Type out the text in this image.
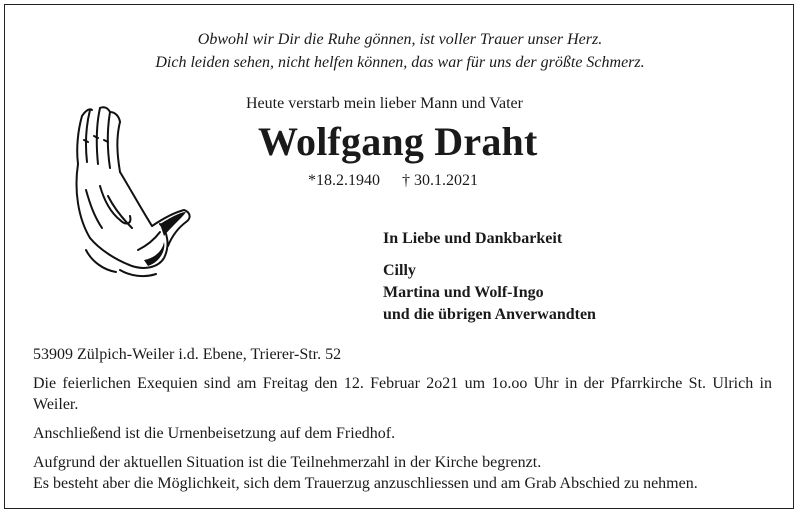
Obwohl wir Dir die Ruhe gönnen, ist voller Trauer unser Herz.
Dich leiden sehen, nicht helfen können, das war für uns der größte Schmerz.
Heute verstarb mein lieber Mann und Vater
Wolfgang Draht
*18.2.1940 † 30.1.2021
In Liebe und Dankbarkeit
Cilly
Martina und Wolf-Ingo
und die übrigen Anverwandten

53909 Zülpich-Weiler i.d. Ebene, Trierer-Str. 52

Die feierlichen Exequien sind am Freitag den 12. Februar 2o21 um 1o.oo Uhr in der Pfarrkirche St. Ulrich in Weiler.

Anschließend ist die Urnenbeisetzung auf dem Friedhof.

Aufgrund der aktuellen Situation ist die Teilnehmerzahl in der Kirche begrenzt.

Es besteht aber die Möglichkeit, sich dem Trauerzug anzuschliessen und am Grab Abschied zu nehmen.
